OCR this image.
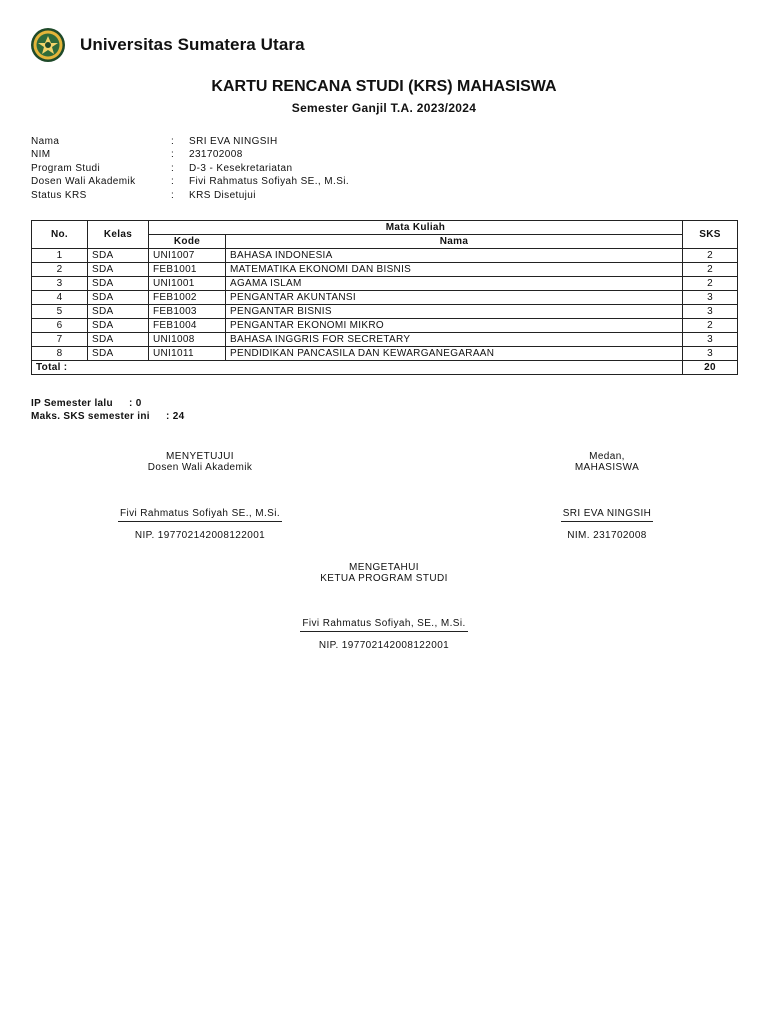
Universitas Sumatera Utara
KARTU RENCANA STUDI (KRS) MAHASISWA
Semester Ganjil T.A. 2023/2024
Nama	:	SRI EVA NINGSIH
NIM	:	231702008
Program Studi	:	D-3 - Kesekretariatan
Dosen Wali Akademik	:	Fivi Rahmatus Sofiyah SE., M.Si.
Status KRS	:	KRS Disetujui
No.	Kelas	Mata Kuliah		SKS
		Kode	Nama	
1	SDA	UNI1007	BAHASA INDONESIA	2
2	SDA	FEB1001	MATEMATIKA EKONOMI DAN BISNIS	2
3	SDA	UNI1001	AGAMA ISLAM	2
4	SDA	FEB1002	PENGANTAR AKUNTANSI	3
5	SDA	FEB1003	PENGANTAR BISNIS	3
6	SDA	FEB1004	PENGANTAR EKONOMI MIKRO	2
7	SDA	UNI1008	BAHASA INGGRIS FOR SECRETARY	3
8	SDA	UNI1011	PENDIDIKAN PANCASILA DAN KEWARGANEGARAAN	3
Total :				20
IP Semester lalu	: 0
Maks. SKS semester ini	: 24
MENYETUJUI
Dosen Wali Akademik
Fivi Rahmatus Sofiyah SE., M.Si.
NIP. 197702142008122001
Medan,
MAHASISWA
SRI EVA NINGSIH
NIM. 231702008
MENGETAHUI
KETUA PROGRAM STUDI
Fivi Rahmatus Sofiyah, SE., M.Si.
NIP. 197702142008122001
